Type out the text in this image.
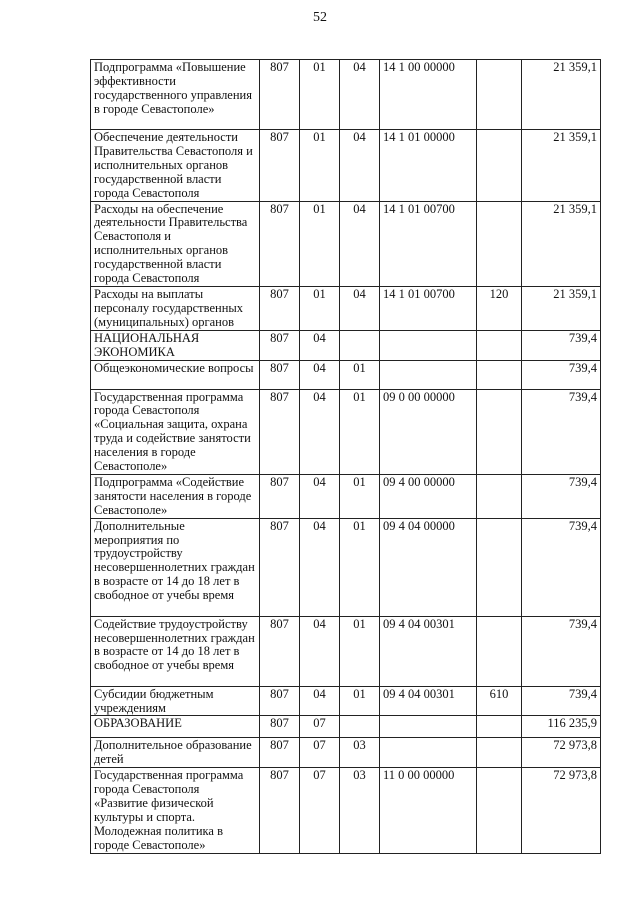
52
Подпрограмма «Повышение эффективности государственного управления в городе Севастополе»	807	01	04	14 1 00 00000		21 359,1
Обеспечение деятельности Правительства Севастополя и исполнительных органов государственной власти города Севастополя	807	01	04	14 1 01 00000		21 359,1
Расходы на обеспечение деятельности Правительства Севастополя и исполнительных органов государственной власти города Севастополя	807	01	04	14 1 01 00700		21 359,1
Расходы на выплаты персоналу государственных (муниципальных) органов	807	01	04	14 1 01 00700	120	21 359,1
НАЦИОНАЛЬНАЯ ЭКОНОМИКА	807	04				739,4
Общеэкономические вопросы	807	04	01			739,4
Государственная программа города Севастополя «Социальная защита, охрана труда и содействие занятости населения в городе Севастополе»	807	04	01	09 0 00 00000		739,4
Подпрограмма «Содействие занятости населения в городе Севастополе»	807	04	01	09 4 00 00000		739,4
Дополнительные мероприятия по трудоустройству несовершеннолетних граждан в возрасте от 14 до 18 лет в свободное от учебы время	807	04	01	09 4 04 00000		739,4
Содействие трудоустройству несовершеннолетних граждан в возрасте от 14 до 18 лет в свободное от учебы время	807	04	01	09 4 04 00301		739,4
Субсидии бюджетным учреждениям	807	04	01	09 4 04 00301	610	739,4
ОБРАЗОВАНИЕ	807	07				116 235,9
Дополнительное образование детей	807	07	03			72 973,8
Государственная программа города Севастополя «Развитие физической культуры и спорта. Молодежная политика в городе Севастополе»	807	07	03	11 0 00 00000		72 973,8
